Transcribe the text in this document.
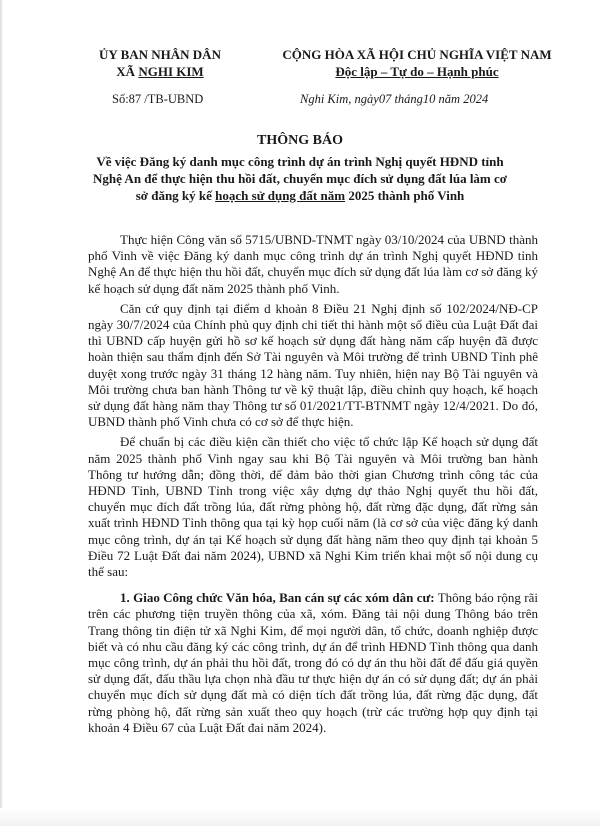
ỦY BAN NHÂN DÂN
XÃ NGHI KIM
CỘNG HÒA XÃ HỘI CHỦ NGHĨA VIỆT NAM
Độc lập – Tự do – Hạnh phúc
Số:87 /TB-UBND	Nghi Kim, ngày07 tháng10 năm 2024
THÔNG BÁO
Về việc Đăng ký danh mục công trình dự án trình Nghị quyết HĐND tỉnh
Nghệ An để thực hiện thu hồi đất, chuyển mục đích sử dụng đất lúa làm cơ
sở đăng ký kế hoạch sử dụng đất năm 2025 thành phố Vinh

Thực hiện Công văn số 5715/UBND-TNMT ngày 03/10/2024 của UBND thành phố Vinh về việc Đăng ký danh mục công trình dự án trình Nghị quyết HĐND tỉnh Nghệ An để thực hiện thu hồi đất, chuyển mục đích sử dụng đất lúa làm cơ sở đăng ký kế hoạch sử dụng đất năm 2025 thành phố Vinh.

Căn cứ quy định tại điểm d khoản 8 Điều 21 Nghị định số 102/2024/NĐ-CP ngày 30/7/2024 của Chính phủ quy định chi tiết thi hành một số điều của Luật Đất đai thì UBND cấp huyện gửi hồ sơ kế hoạch sử dụng đất hàng năm cấp huyện đã được hoàn thiện sau thẩm định đến Sở Tài nguyên và Môi trường để trình UBND Tỉnh phê duyệt xong trước ngày 31 tháng 12 hàng năm. Tuy nhiên, hiện nay Bộ Tài nguyên và Môi trường chưa ban hành Thông tư về kỹ thuật lập, điều chỉnh quy hoạch, kế hoạch sử dụng đất hàng năm thay Thông tư số 01/2021/TT-BTNMT ngày 12/4/2021. Do đó, UBND thành phố Vinh chưa có cơ sở để thực hiện.

Để chuẩn bị các điều kiện cần thiết cho việc tổ chức lập Kế hoạch sử dụng đất năm 2025 thành phố Vinh ngay sau khi Bộ Tài nguyên và Môi trường ban hành Thông tư hướng dẫn; đồng thời, để đảm bảo thời gian Chương trình công tác của HĐND Tỉnh, UBND Tỉnh trong việc xây dựng dự thảo Nghị quyết thu hồi đất, chuyển mục đích đất trồng lúa, đất rừng phòng hộ, đất rừng đặc dụng, đất rừng sản xuất trình HĐND Tỉnh thông qua tại kỳ họp cuối năm (là cơ sở của việc đăng ký danh mục công trình, dự án tại Kế hoạch sử dụng đất hàng năm theo quy định tại khoản 5 Điều 72 Luật Đất đai năm 2024), UBND xã Nghi Kim triển khai một số nội dung cụ thể sau:

1. Giao Công chức Văn hóa, Ban cán sự các xóm dân cư: Thông báo rộng rãi trên các phương tiện truyền thông của xã, xóm. Đăng tải nội dung Thông báo trên Trang thông tin điện tử xã Nghi Kim, để mọi người dân, tổ chức, doanh nghiệp được biết và có nhu cầu đăng ký các công trình, dự án để trình HĐND Tỉnh thông qua danh mục công trình, dự án phải thu hồi đất, trong đó có dự án thu hồi đất để đấu giá quyền sử dụng đất, đấu thầu lựa chọn nhà đầu tư thực hiện dự án có sử dụng đất; dự án phải chuyển mục đích sử dụng đất mà có diện tích đất trồng lúa, đất rừng đặc dụng, đất rừng phòng hộ, đất rừng sản xuất theo quy hoạch (trừ các trường hợp quy định tại khoản 4 Điều 67 của Luật Đất đai năm 2024).
